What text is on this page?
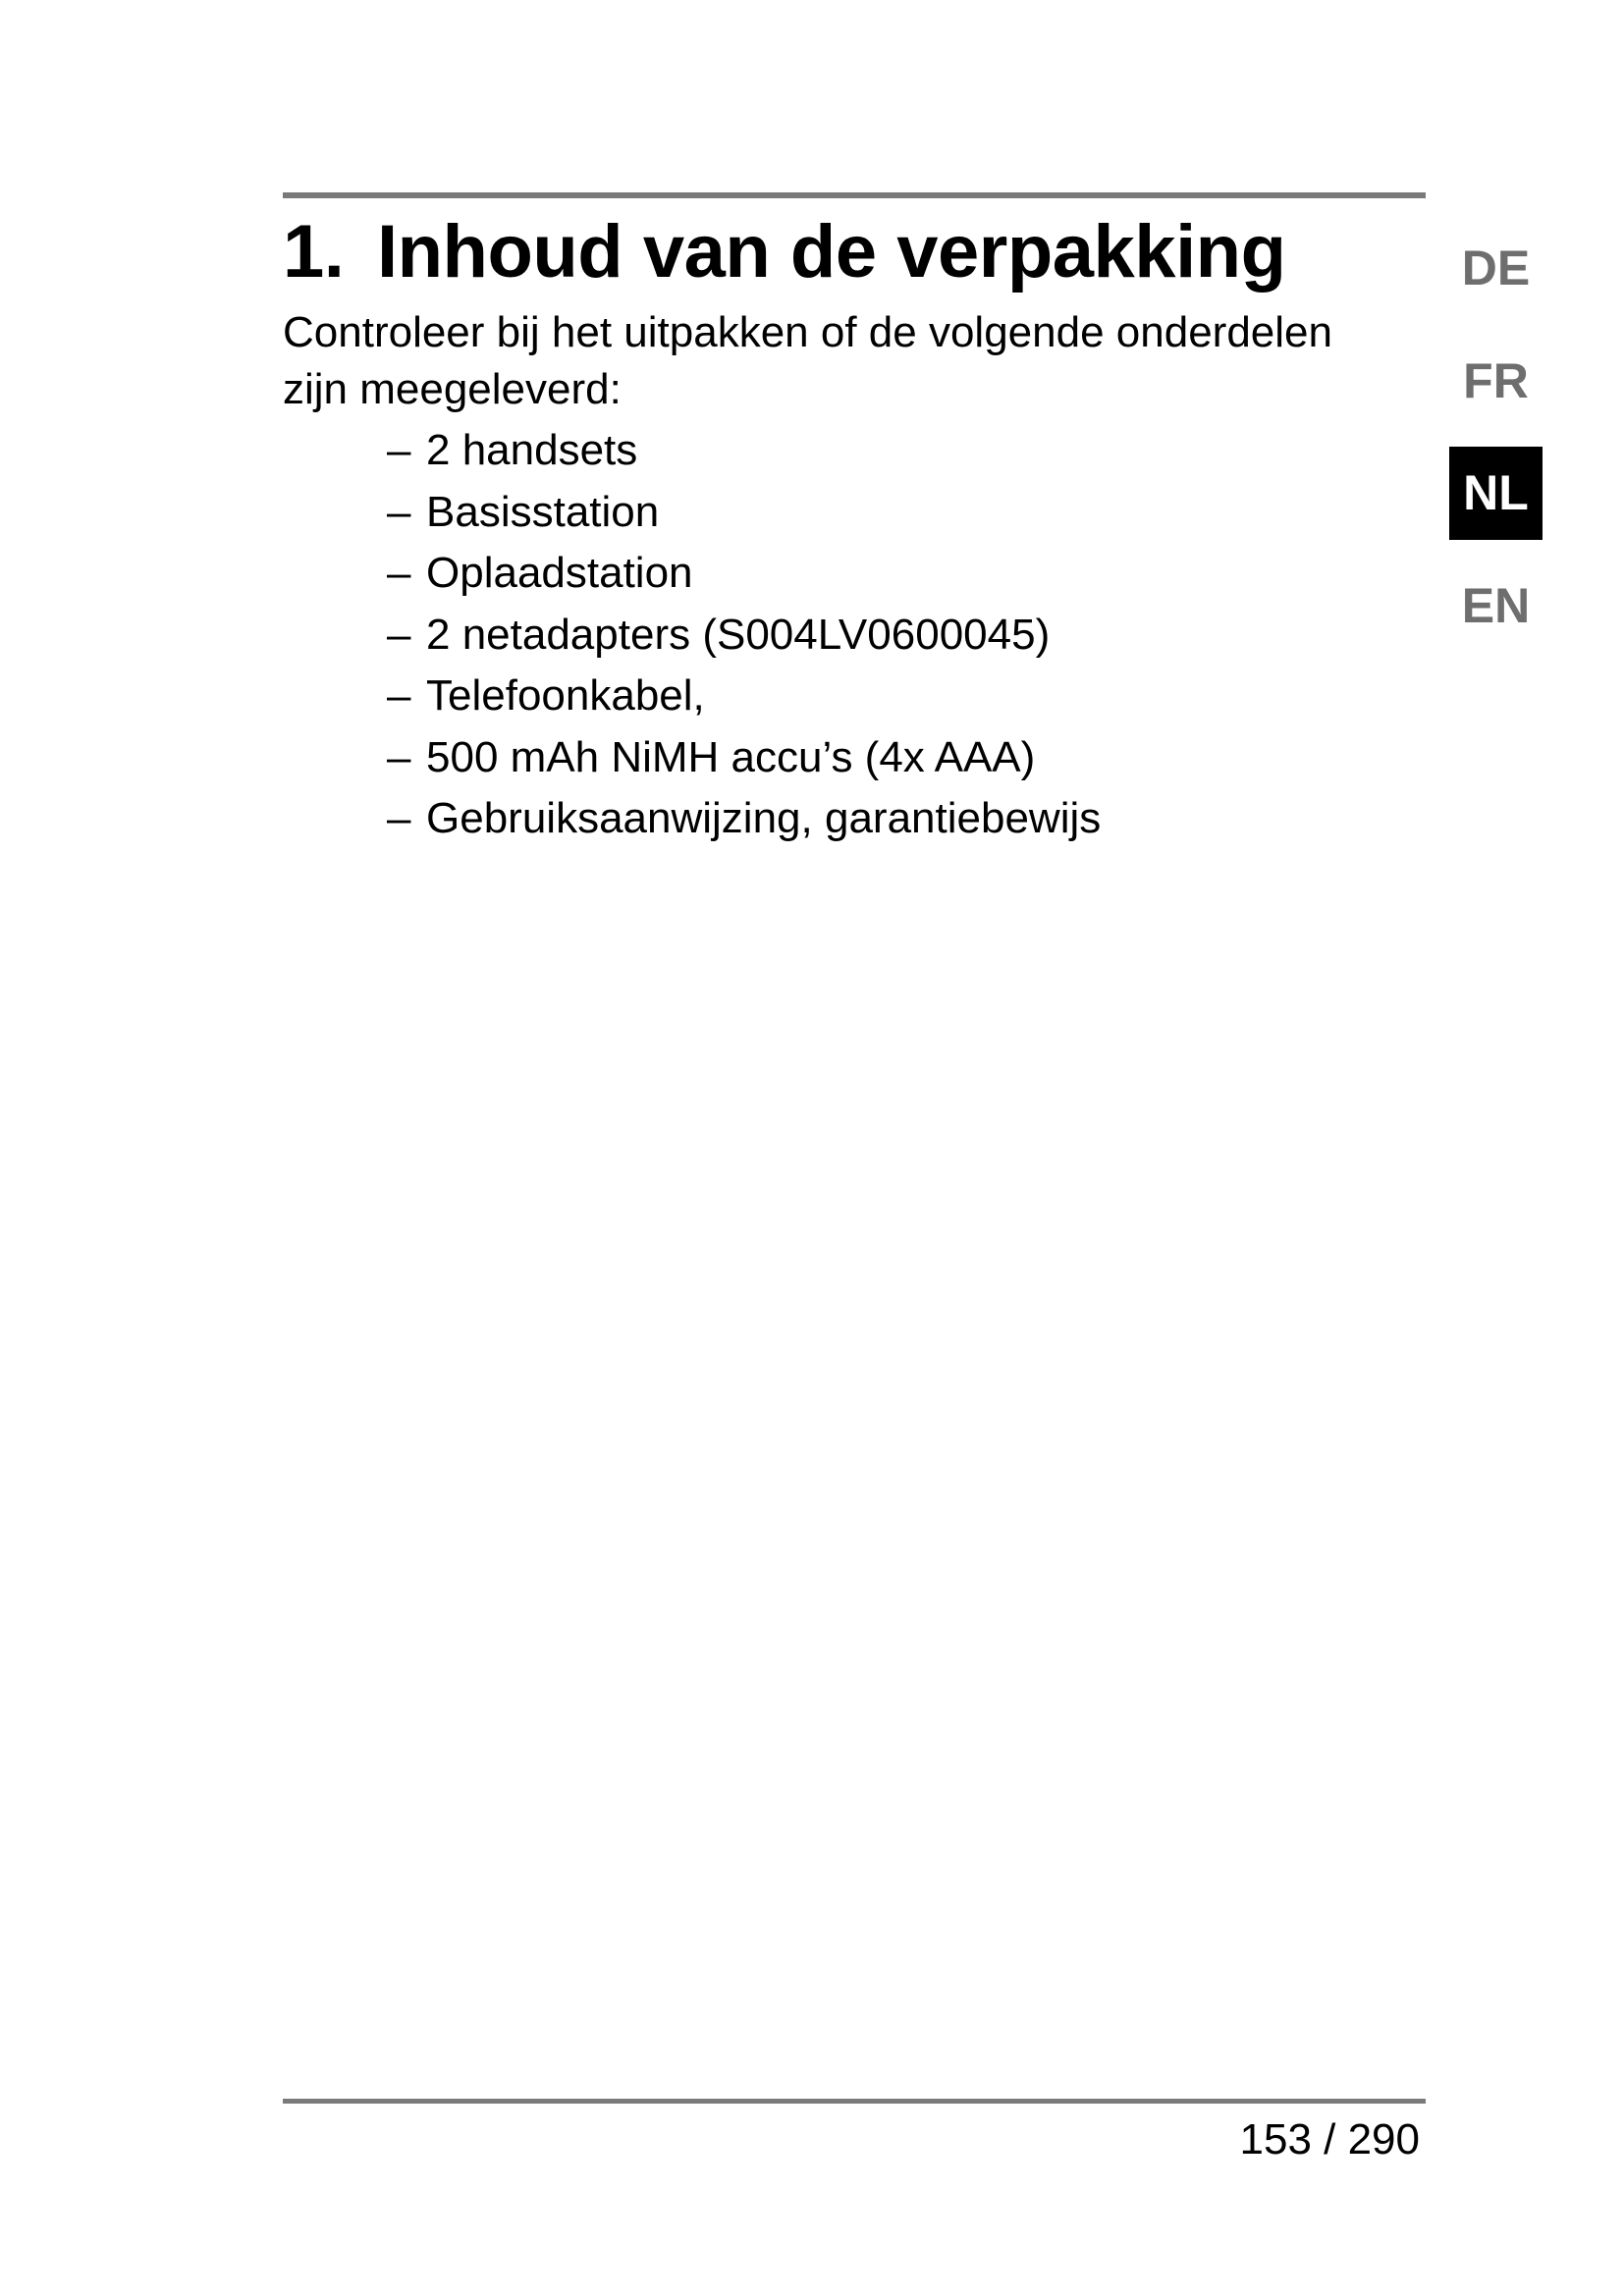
1. Inhoud van de verpakking

Controleer bij het uitpakken of de volgende onderdelen zijn meegeleverd:

– 2 handsets
– Basisstation
– Oplaadstation
– 2 netadapters (S004LV0600045)
– Telefoonkabel,
– 500 mAh NiMH accu’s (4x AAA)
– Gebruiksaanwijzing, garantiebewijs
DE
FR
NL
EN
153 / 290
